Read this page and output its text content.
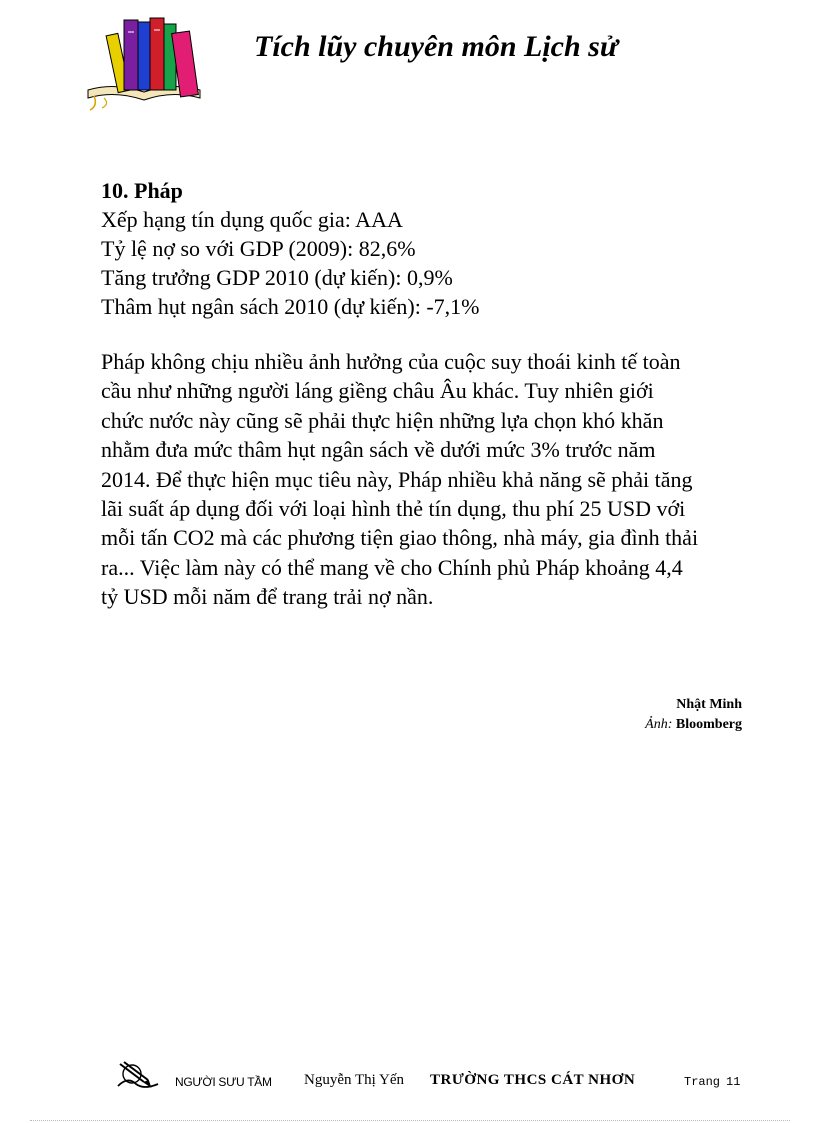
Tích lũy chuyên môn Lịch sử

10. Pháp

Xếp hạng tín dụng quốc gia: AAA

Tỷ lệ nợ so với GDP (2009): 82,6%

Tăng trưởng GDP 2010 (dự kiến): 0,9%

Thâm hụt ngân sách 2010 (dự kiến): -7,1%

Pháp không chịu nhiều ảnh hưởng của cuộc suy thoái kinh tế toàn cầu như những người láng giềng châu Âu khác. Tuy nhiên giới chức nước này cũng sẽ phải thực hiện những lựa chọn khó khăn nhằm đưa mức thâm hụt ngân sách về dưới mức 3% trước năm 2014. Để thực hiện mục tiêu này, Pháp nhiều khả năng sẽ phải tăng lãi suất áp dụng đối với loại hình thẻ tín dụng, thu phí 25 USD với mỗi tấn CO2 mà các phương tiện giao thông, nhà máy, gia đình thải ra... Việc làm này có thể mang về cho Chính phủ Pháp khoảng 4,4 tỷ USD mỗi năm để trang trải nợ nần.

Nhật Minh
Ảnh: Bloomberg
NGƯỜI SƯU TẦM Nguyễn Thị Yến TRƯỜNG THCS CÁT NHƠN	Trang 11
